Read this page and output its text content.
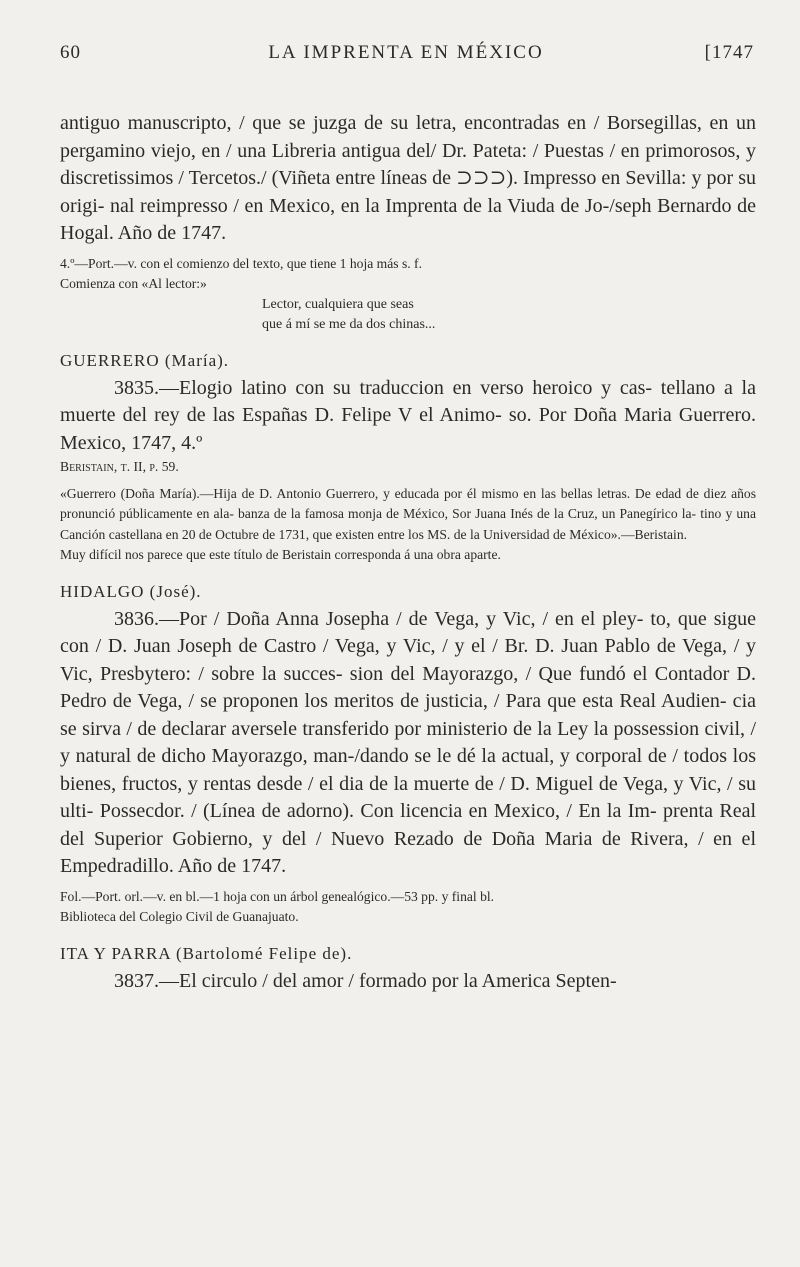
60	LA IMPRENTA EN MÉXICO	[1747

antiguo manuscripto, / que se juzga de su letra, encontradas en / Borsegillas, en un pergamino viejo, en / una Libreria antigua del/ Dr. Pateta: / Puestas / en primorosos, y discretissimos / Tercetos./ (Viñeta entre líneas de ⊃⊃⊃). Impresso en Sevilla: y por su origi- nal reimpresso / en Mexico, en la Imprenta de la Viuda de Jo-/seph Bernardo de Hogal. Año de 1747.

4.º—Port.—v. con el comienzo del texto, que tiene 1 hoja más s. f.

Comienza con «Al lector:»

Lector, cualquiera que seas

que á mí se me da dos chinas...

GUERRERO (María).

3835.—Elogio latino con su traduccion en verso heroico y cas- tellano a la muerte del rey de las Españas D. Felipe V el Animo- so. Por Doña Maria Guerrero. Mexico, 1747, 4.º

Beristain, t. II, p. 59.

«Guerrero (Doña María).—Hija de D. Antonio Guerrero, y educada por él mismo en las bellas letras. De edad de diez años pronunció públicamente en ala- banza de la famosa monja de México, Sor Juana Inés de la Cruz, un Panegírico la- tino y una Canción castellana en 20 de Octubre de 1731, que existen entre los MS. de la Universidad de México».—Beristain.

Muy difícil nos parece que este título de Beristain corresponda á una obra aparte.

HIDALGO (José).

3836.—Por / Doña Anna Josepha / de Vega, y Vic, / en el pley- to, que sigue con / D. Juan Joseph de Castro / Vega, y Vic, / y el / Br. D. Juan Pablo de Vega, / y Vic, Presbytero: / sobre la succes- sion del Mayorazgo, / Que fundó el Contador D. Pedro de Vega, / se proponen los meritos de justicia, / Para que esta Real Audien- cia se sirva / de declarar aversele transferido por ministerio de la Ley la possession civil, / y natural de dicho Mayorazgo, man-/dando se le dé la actual, y corporal de / todos los bienes, fructos, y rentas desde / el dia de la muerte de / D. Miguel de Vega, y Vic, / su ulti- Possecdor. / (Línea de adorno). Con licencia en Mexico, / En la Im- prenta Real del Superior Gobierno, y del / Nuevo Rezado de Doña Maria de Rivera, / en el Empedradillo. Año de 1747.

Fol.—Port. orl.—v. en bl.—1 hoja con un árbol genealógico.—53 pp. y final bl.

Biblioteca del Colegio Civil de Guanajuato.

ITA Y PARRA (Bartolomé Felipe de).

3837.—El circulo / del amor / formado por la America Septen-
